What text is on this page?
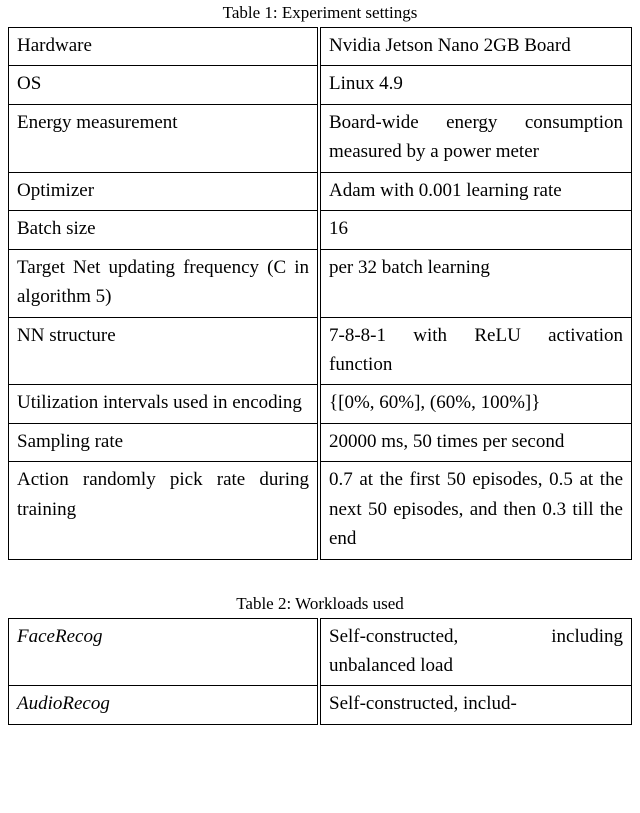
Table 1: Experiment settings
Hardware	Nvidia Jetson Nano 2GB Board
OS	Linux 4.9
Energy measurement	Board-wide energy consumption measured by a power meter
Optimizer	Adam with 0.001 learning rate
Batch size	16
Target Net updating frequency (C in algorithm 5)	per 32 batch learning
NN structure	7-8-8-1 with ReLU activation function
Utilization intervals used in encoding	{[0%, 60%], (60%, 100%]}
Sampling rate	20000 ms, 50 times per second
Action randomly pick rate during training	0.7 at the first 50 episodes, 0.5 at the next 50 episodes, and then 0.3 till the end
Table 2: Workloads used
FaceRecog	Self-constructed, including unbalanced load
AudioRecog	Self-constructed, includ-
